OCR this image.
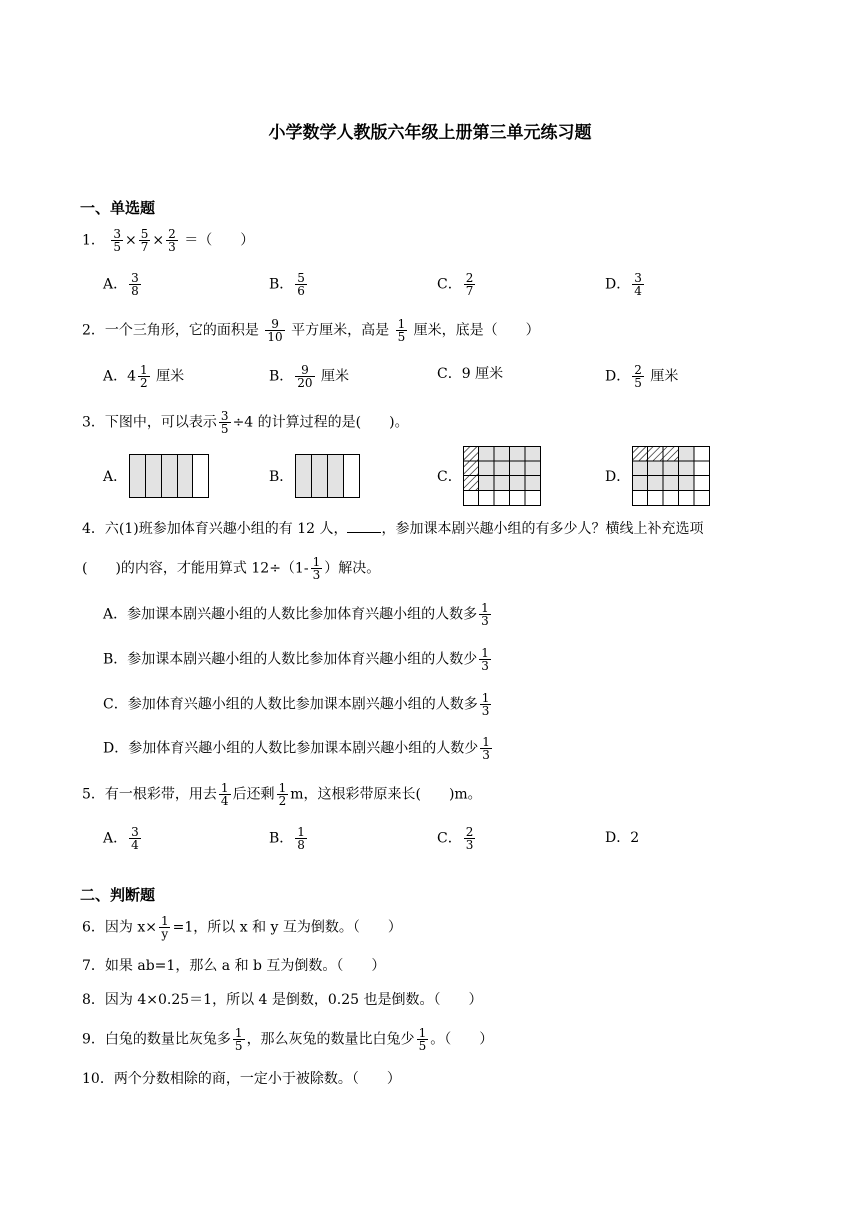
小学数学人教版六年级上册第三单元练习题
一、单选题
1． $\frac{3}{5} \times \frac{5}{7} \times \frac{2}{3}$ ＝（　　）
A． $\frac{3}{8}$	B． $\frac{5}{6}$	C． $\frac{2}{7}$	D． $\frac{3}{4}$
2．一个三角形，它的面积是 $\frac{9}{10}$ 平方厘米，高是 $\frac{1}{5}$ 厘米，底是（　　）
A．$4 \frac{1}{2}$ 厘米	B． $\frac{9}{20}$ 厘米	C．9 厘米	D． $\frac{2}{5}$ 厘米
3．下图中，可以表示 $\frac{3}{5} \div 4$ 的计算过程的是(　　)。
A．	B．	C．	D．
4．六(1)班参加体育兴趣小组的有 12 人， ，参加课本剧兴趣小组的有多少人？横线上补充选项
(　　)的内容，才能用算式 $12\div(1- \frac{1}{3}$ ）解决。
A．参加课本剧兴趣小组的人数比参加体育兴趣小组的人数多 $\frac{1}{3}$
B．参加课本剧兴趣小组的人数比参加体育兴趣小组的人数少 $\frac{1}{3}$
C．参加体育兴趣小组的人数比参加课本剧兴趣小组的人数多 $\frac{1}{3}$
D．参加体育兴趣小组的人数比参加课本剧兴趣小组的人数少 $\frac{1}{3}$
5．有一根彩带，用去 $\frac{1}{4}$ 后还剩 $\frac{1}{2}$ m，这根彩带原来长(　　)m。
A． $\frac{3}{4}$	B． $\frac{1}{8}$	C． $\frac{2}{3}$	D．2
二、判断题
6．因为 $x\times \frac{1}{y} =1$，所以 x 和 y 互为倒数。（　　）
7．如果 ab=1，那么 a 和 b 互为倒数。（　　）
8．因为 4×0.25＝1，所以 4 是倒数，0.25 也是倒数。（　　）
9．白兔的数量比灰兔多 $\frac{1}{5}$ ，那么灰兔的数量比白兔少 $\frac{1}{5}$ 。（　　）
10．两个分数相除的商，一定小于被除数。（　　）
